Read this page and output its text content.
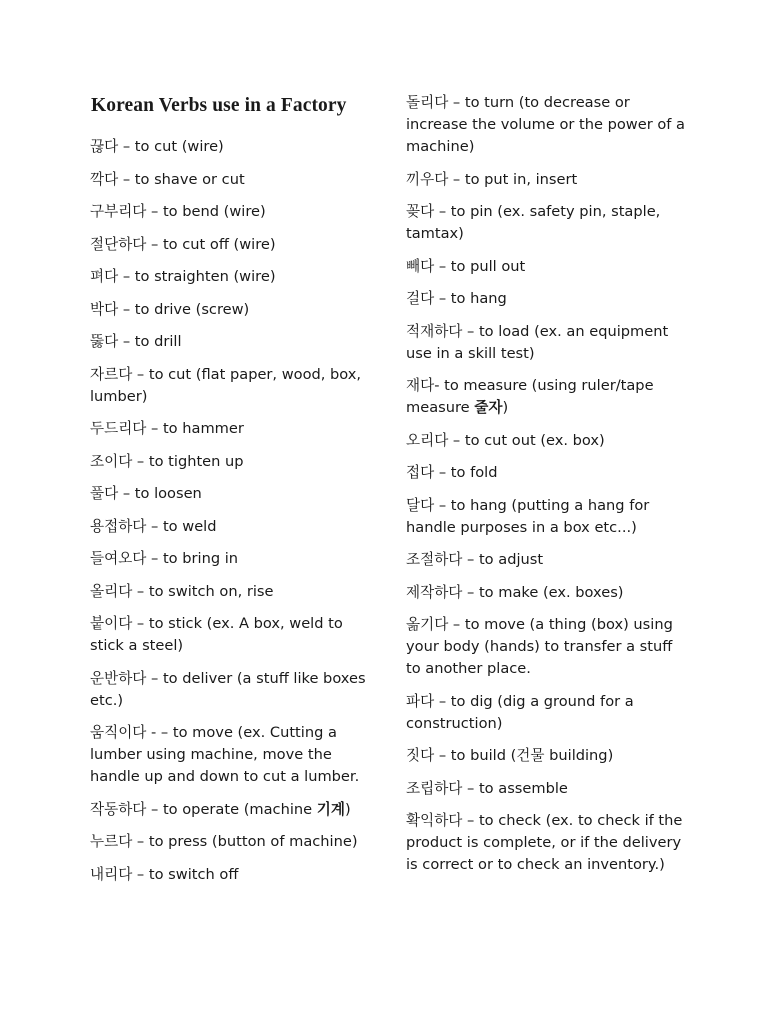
Korean Verbs use in a Factory

끊다 – to cut (wire)

깍다 – to shave or cut

구부리다 – to bend (wire)

절단하다 – to cut off (wire)

펴다 – to straighten (wire)

박다 – to drive (screw)

뚫다 – to drill

자르다 – to cut (flat paper, wood, box, lumber)

두드리다 – to hammer

조이다 – to tighten up

풀다 – to loosen

용접하다 – to weld

들여오다 – to bring in

올리다 – to switch on, rise

붙이다 – to stick (ex. A box, weld to stick a steel)

운반하다 – to deliver (a stuff like boxes etc.)

움직이다 - – to move (ex. Cutting a lumber using machine, move the handle up and down to cut a lumber.

작동하다 – to operate (machine 기계)

누르다 – to press (button of machine)

내리다 – to switch off

돌리다 – to turn (to decrease or increase the volume or the power of a machine)

끼우다 – to put in, insert

꽂다 – to pin (ex. safety pin, staple, tamtax)

빼다 – to pull out

걸다 – to hang

적재하다 – to load (ex. an equipment use in a skill test)

재다- to measure (using ruler/tape measure 줄자)

오리다 – to cut out (ex. box)

접다 – to fold

달다 – to hang (putting a hang for handle purposes in a box etc...)

조절하다 – to adjust

제작하다 – to make (ex. boxes)

옮기다 – to move (a thing (box) using your body (hands) to transfer a stuff to another place.

파다 – to dig (dig a ground for a construction)

짓다 – to build (건물 building)

조립하다 – to assemble

확익하다 – to check (ex. to check if the product is complete, or if the delivery is correct or to check an inventory.)
